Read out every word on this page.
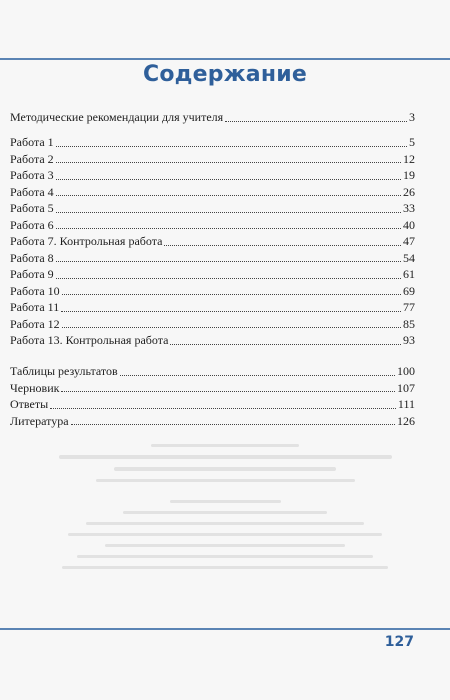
Содержание
Методические рекомендации для учителя	3
Работа 1	5
Работа 2	12
Работа 3	19
Работа 4	26
Работа 5	33
Работа 6	40
Работа 7. Контрольная работа	47
Работа 8	54
Работа 9	61
Работа 10	69
Работа 11	77
Работа 12	85
Работа 13. Контрольная работа	93
Таблицы результатов	100
Черновик	107
Ответы	111
Литература	126
127
